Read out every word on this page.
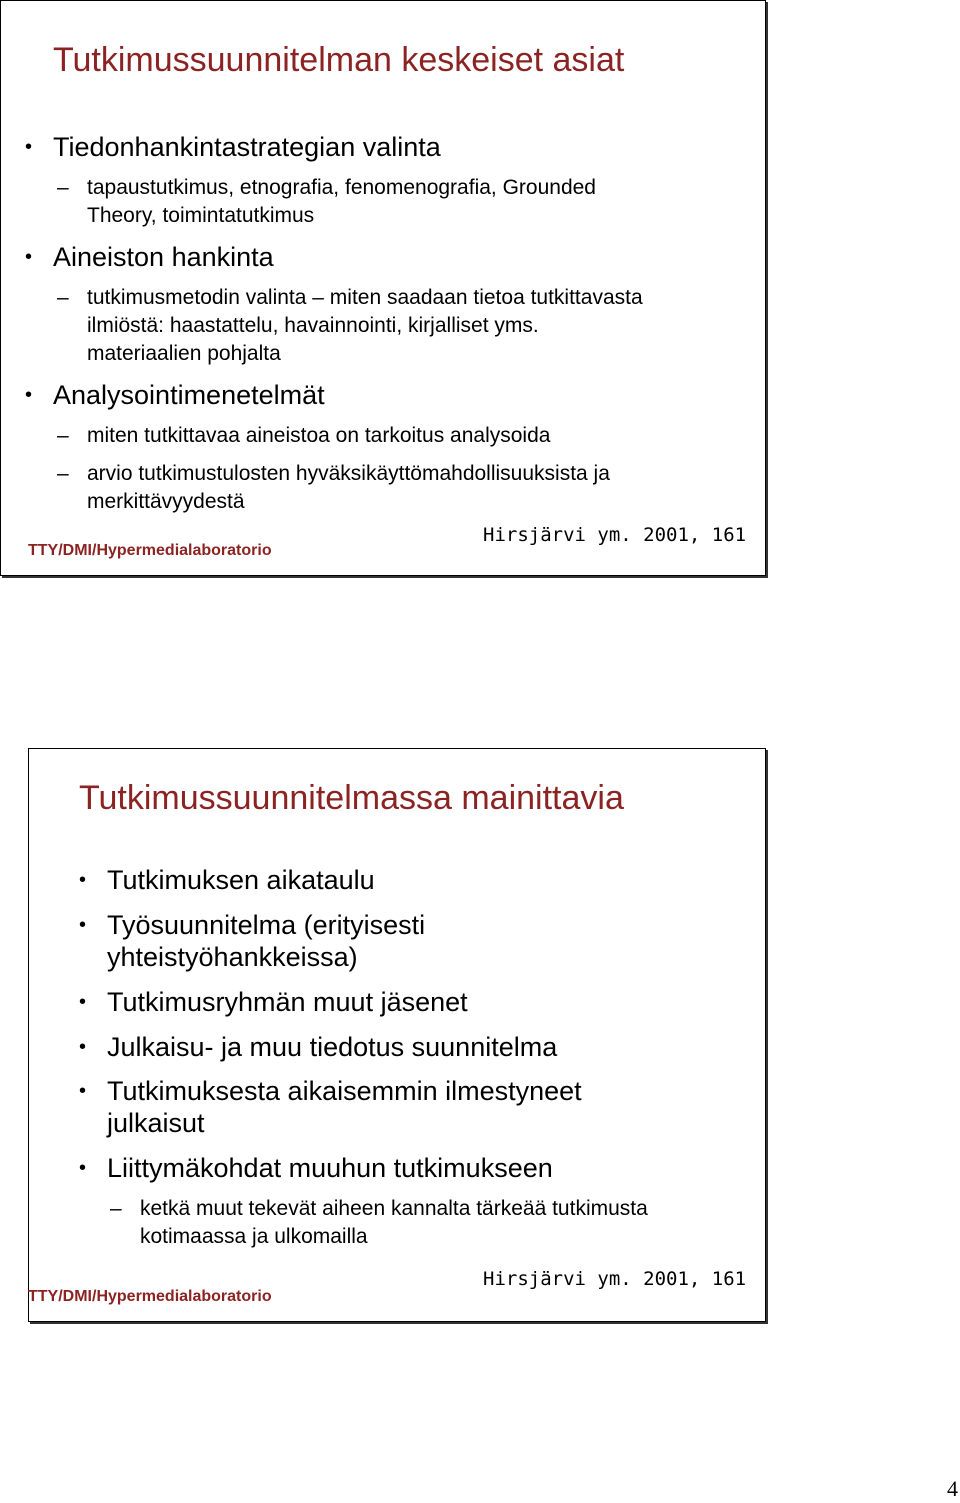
Tutkimussuunnitelman keskeiset asiat
• Tiedonhankintastrategian valinta
– tapaustutkimus, etnografia, fenomenografia, Grounded Theory, toimintatutkimus
• Aineiston hankinta
– tutkimusmetodin valinta – miten saadaan tietoa tutkittavasta ilmiöstä: haastattelu, havainnointi, kirjalliset yms. materiaalien pohjalta
• Analysointimenetelmät
– miten tutkittavaa aineistoa on tarkoitus analysoida
– arvio tutkimustulosten hyväksikäyttömahdollisuuksista ja merkittävyydestä
TTY/DMI/Hypermedialaboratorio
Hirsjärvi ym. 2001, 161
Tutkimussuunnitelmassa mainittavia
• Tutkimuksen aikataulu
• Työsuunnitelma (erityisesti yhteistyöhankkeissa)
• Tutkimusryhmän muut jäsenet
• Julkaisu- ja muu tiedotus suunnitelma
• Tutkimuksesta aikaisemmin ilmestyneet julkaisut
• Liittymäkohdat muuhun tutkimukseen
– ketkä muut tekevät aiheen kannalta tärkeää tutkimusta kotimaassa ja ulkomailla
TTY/DMI/Hypermedialaboratorio
Hirsjärvi ym. 2001, 161
4
